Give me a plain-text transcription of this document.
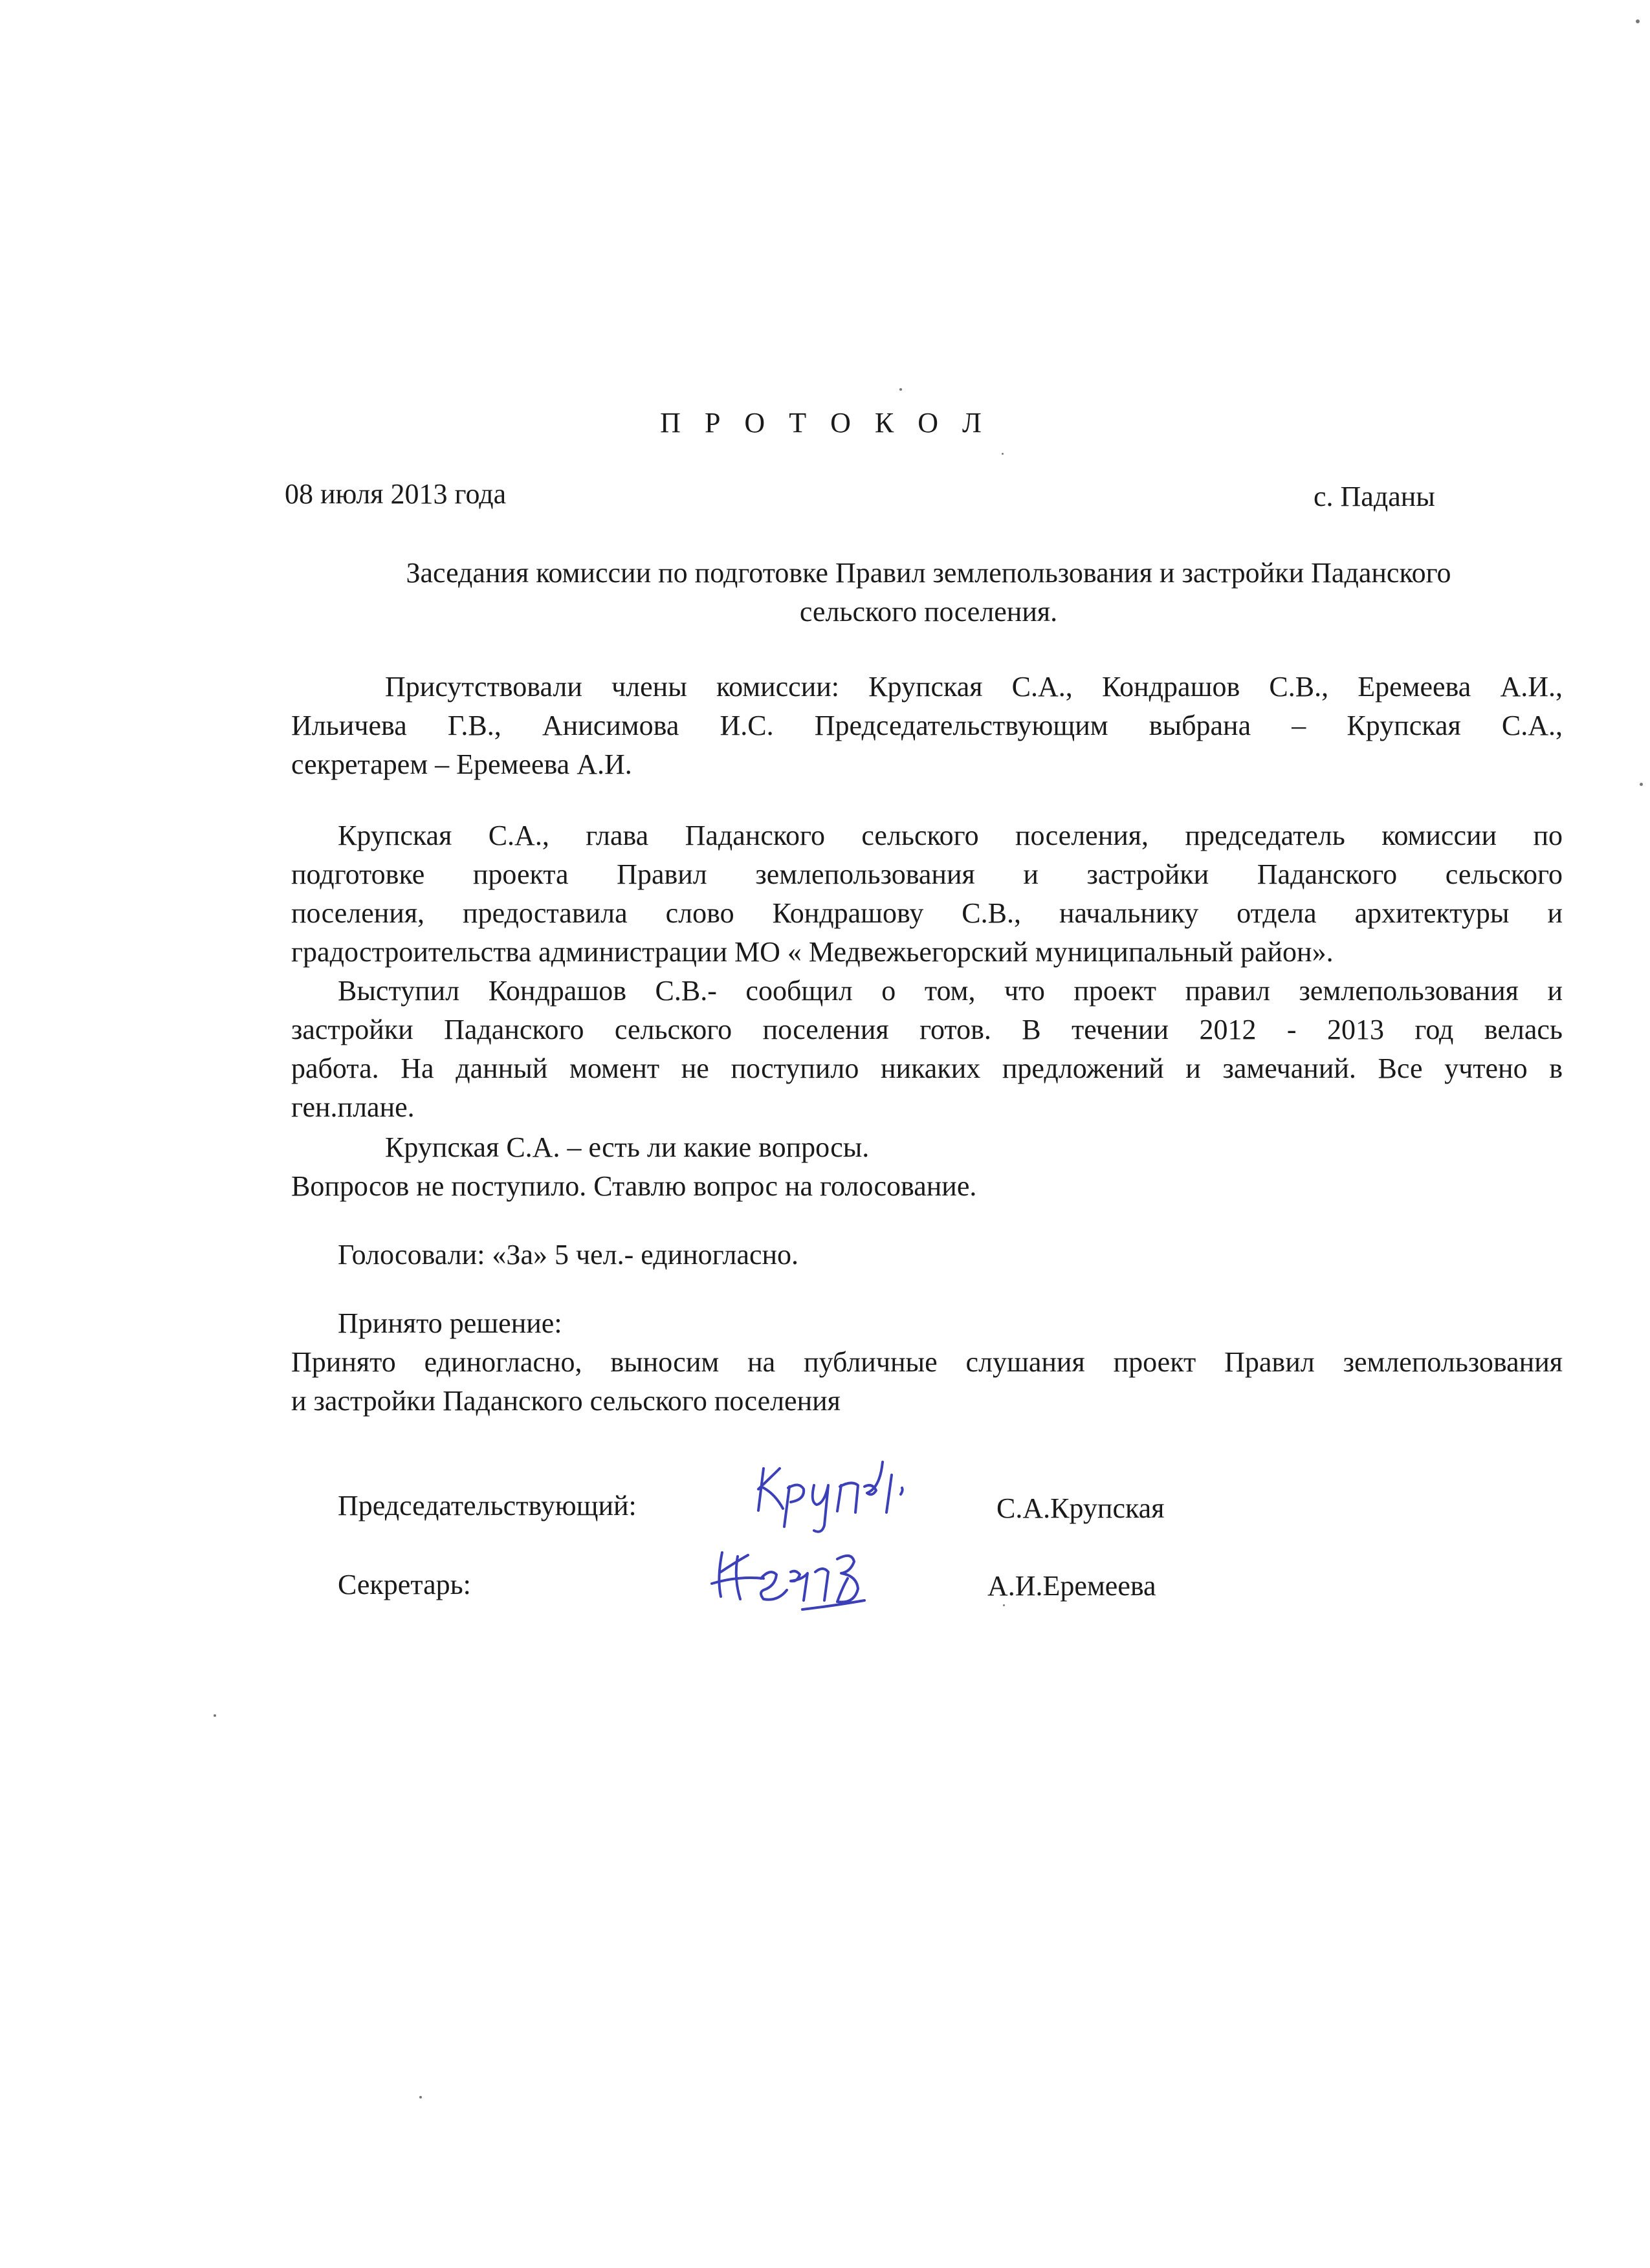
П Р О Т О К О Л
08 июля 2013 года	с. Паданы
Заседания комиссии по подготовке Правил землепользования и застройки Паданского
сельского поселения.
Присутствовали члены комиссии: Крупская С.А., Кондрашов С.В., Еремеева А.И.,
Ильичева Г.В., Анисимова И.С. Председательствующим выбрана – Крупская С.А.,
секретарем – Еремеева А.И.
Крупская С.А., глава Паданского сельского поселения, председатель комиссии по
подготовке проекта Правил землепользования и застройки Паданского сельского
поселения, предоставила слово Кондрашову С.В., начальнику отдела архитектуры и
градостроительства администрации МО « Медвежьегорский муниципальный район».
Выступил Кондрашов С.В.- сообщил о том, что проект правил землепользования и
застройки Паданского сельского поселения готов. В течении 2012 - 2013 год велась
работа. На данный момент не поступило никаких предложений и замечаний. Все учтено в
ген.плане.
Крупская С.А. – есть ли какие вопросы.
Вопросов не поступило. Ставлю вопрос на голосование.
Голосовали: «За» 5 чел.- единогласно.
Принято решение:
Принято единогласно, выносим на публичные слушания проект Правил землепользования
и застройки Паданского сельского поселения
Председательствующий:	С.А.Крупская
Секретарь:	А.И.Еремеева
